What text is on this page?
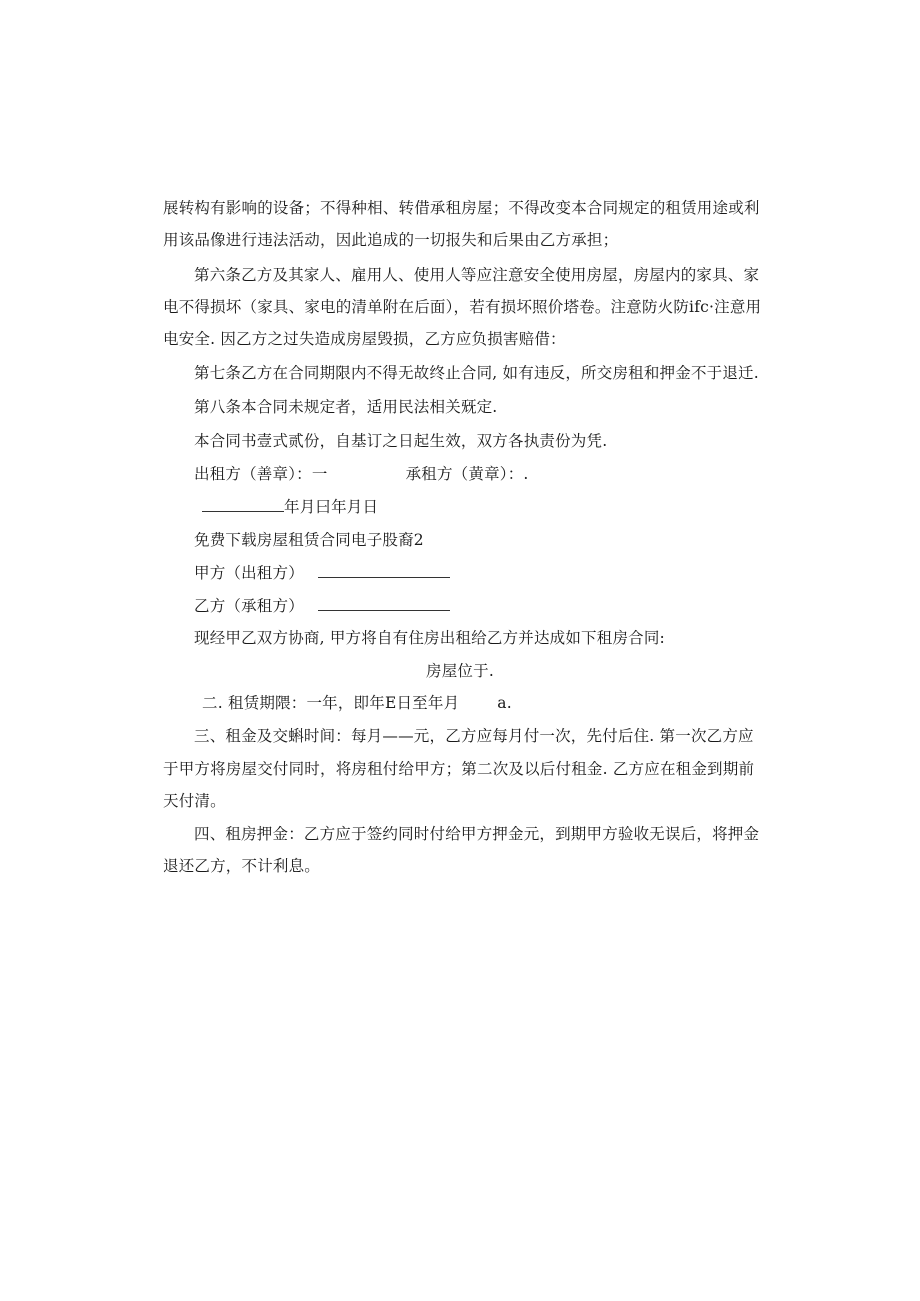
展转构有影响的设备；不得种相、转借承租房屋；不得改变本合同规定的租赁用途或利
用该品像进行违法活动，因此追成的一切报失和后果由乙方承担；
第六条乙方及其家人、雇用人、使用人等应注意安全使用房屋，房屋内的家具、家
电不得损坏（家具、家电的清单附在后面），若有损坏照价塔卷。注意防火防ifc·注意用
电安全. 因乙方之过失造成房屋毁损，乙方应负损害赔借：
第七条乙方在合同期限内不得无故终止合同, 如有违反，所交房租和押金不于退迁.
第八条本合同未规定者，适用民法相关兓定.
本合同书壹式贰份，自基订之日起生效，双方各执责份为凭.
出租方（善章）：一	承租方（黄章）：.
年月曰年月日
免费下载房屋租赁合同电子股裔2
甲方（出租方）
乙方（承租方）
现经甲乙双方协商, 甲方将自有住房出租给乙方并达成如下租房合同:
房屋位于.
二. 租赁期隈：一年，即年E日至年月 a.
三、租金及交蝌时间：每月——元，乙方应每月付一次，先付后住. 第一次乙方应
于甲方将房屋交付同时，将房租付给甲方；第二次及以后付租金. 乙方应在租金到期前
天付清。
四、租房押金：乙方应于签约同时付给甲方押金元，到期甲方验收无误后，将押金
退还乙方，不计利息。
